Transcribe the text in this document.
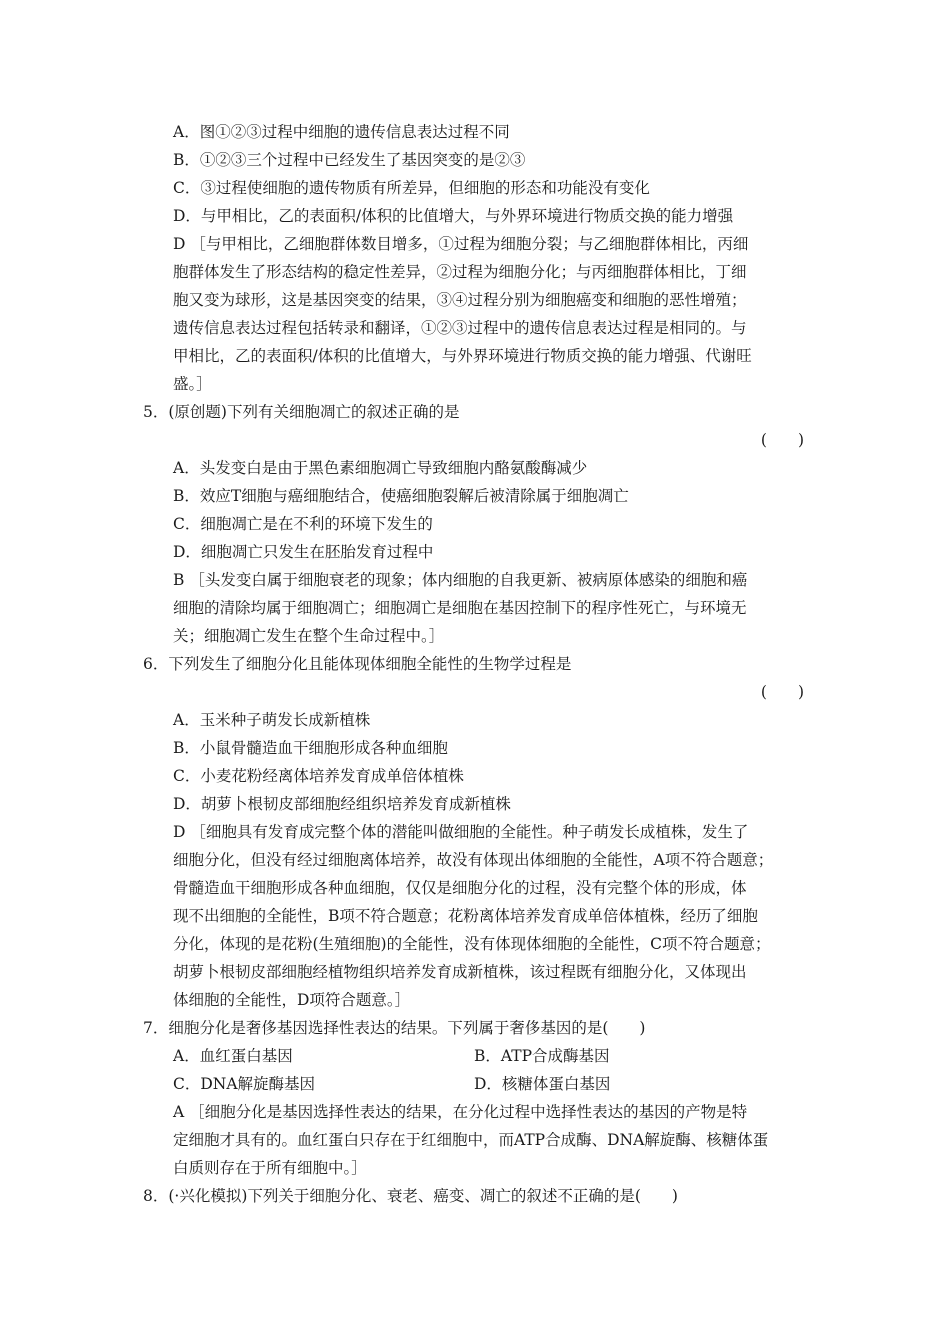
A．图①②③过程中细胞的遗传信息表达过程不同
B．①②③三个过程中已经发生了基因突变的是②③
C．③过程使细胞的遗传物质有所差异，但细胞的形态和功能没有变化
D．与甲相比，乙的表面积/体积的比值增大，与外界环境进行物质交换的能力增强
D ［与甲相比，乙细胞群体数目增多，①过程为细胞分裂；与乙细胞群体相比，丙细
胞群体发生了形态结构的稳定性差异，②过程为细胞分化；与丙细胞群体相比，丁细
胞又变为球形，这是基因突变的结果，③④过程分别为细胞癌变和细胞的恶性增殖；
遗传信息表达过程包括转录和翻译，①②③过程中的遗传信息表达过程是相同的。与
甲相比，乙的表面积/体积的比值增大，与外界环境进行物质交换的能力增强、代谢旺
盛。］
5．(原创题)下列有关细胞凋亡的叙述正确的是
(　　)
A．头发变白是由于黑色素细胞凋亡导致细胞内酪氨酸酶减少
B．效应T细胞与癌细胞结合，使癌细胞裂解后被清除属于细胞凋亡
C．细胞凋亡是在不利的环境下发生的
D．细胞凋亡只发生在胚胎发育过程中
B ［头发变白属于细胞衰老的现象；体内细胞的自我更新、被病原体感染的细胞和癌
细胞的清除均属于细胞凋亡；细胞凋亡是细胞在基因控制下的程序性死亡，与环境无
关；细胞凋亡发生在整个生命过程中。］
6．下列发生了细胞分化且能体现体细胞全能性的生物学过程是
(　　)
A．玉米种子萌发长成新植株
B．小鼠骨髓造血干细胞形成各种血细胞
C．小麦花粉经离体培养发育成单倍体植株
D．胡萝卜根韧皮部细胞经组织培养发育成新植株
D ［细胞具有发育成完整个体的潜能叫做细胞的全能性。种子萌发长成植株，发生了
细胞分化，但没有经过细胞离体培养，故没有体现出体细胞的全能性，A项不符合题意；
骨髓造血干细胞形成各种血细胞，仅仅是细胞分化的过程，没有完整个体的形成，体
现不出细胞的全能性，B项不符合题意；花粉离体培养发育成单倍体植株，经历了细胞
分化，体现的是花粉(生殖细胞)的全能性，没有体现体细胞的全能性，C项不符合题意；
胡萝卜根韧皮部细胞经植物组织培养发育成新植株，该过程既有细胞分化，又体现出
体细胞的全能性，D项符合题意。］
7．细胞分化是奢侈基因选择性表达的结果。下列属于奢侈基因的是(　　)
A．血红蛋白基因	B．ATP合成酶基因
C．DNA解旋酶基因	D．核糖体蛋白基因
A ［细胞分化是基因选择性表达的结果，在分化过程中选择性表达的基因的产物是特
定细胞才具有的。血红蛋白只存在于红细胞中，而ATP合成酶、DNA解旋酶、核糖体蛋
白质则存在于所有细胞中。］
8．(·兴化模拟)下列关于细胞分化、衰老、癌变、凋亡的叙述不正确的是(　　)
